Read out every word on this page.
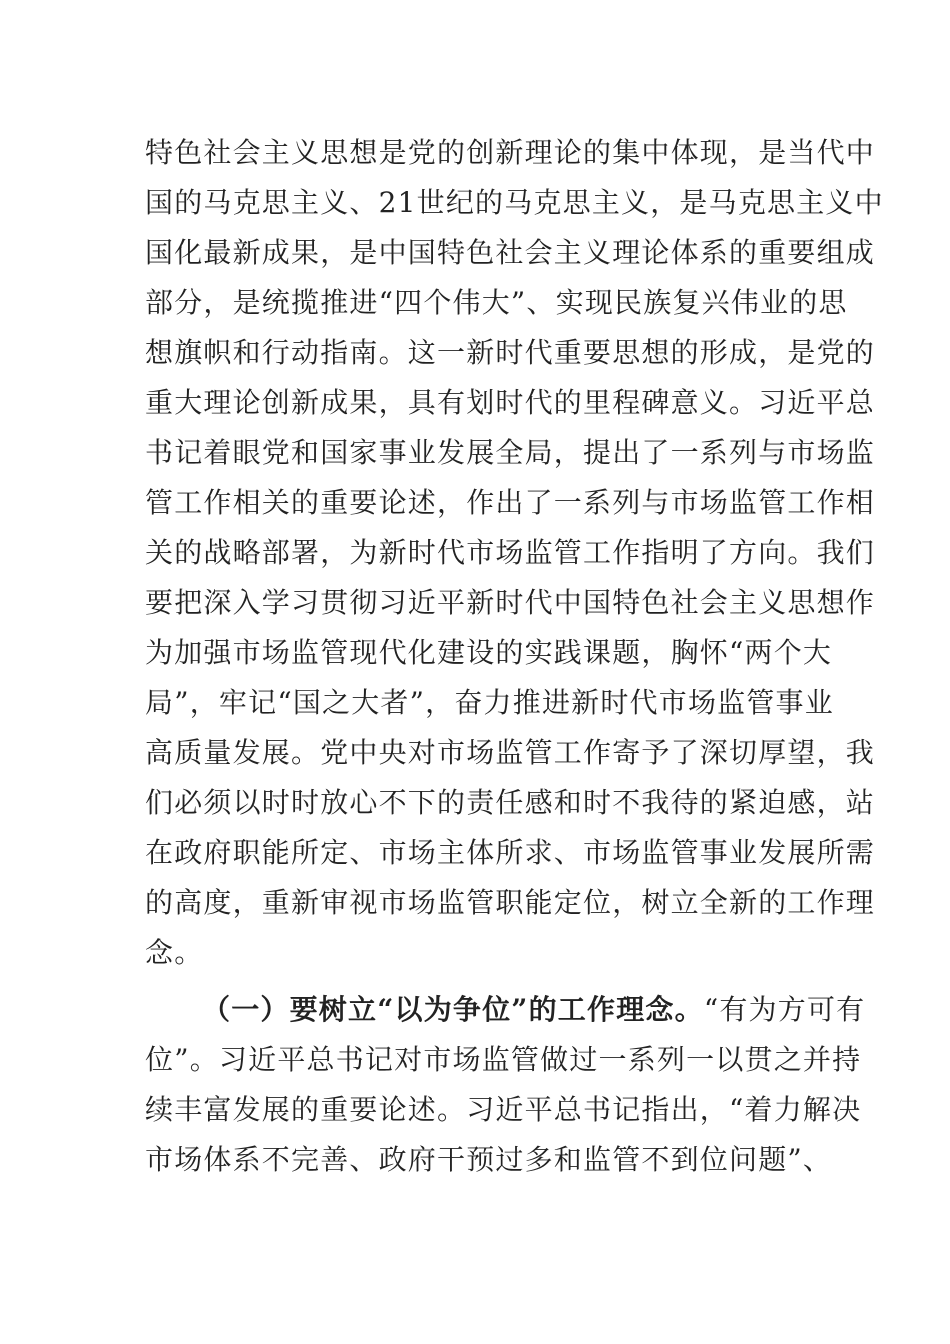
特色社会主义思想是党的创新理论的集中体现，是当代中
国的马克思主义、21世纪的马克思主义，是马克思主义中
国化最新成果，是中国特色社会主义理论体系的重要组成
部分，是统揽推进“四个伟大”、实现民族复兴伟业的思
想旗帜和行动指南。这一新时代重要思想的形成，是党的
重大理论创新成果，具有划时代的里程碑意义。习近平总
书记着眼党和国家事业发展全局，提出了一系列与市场监
管工作相关的重要论述，作出了一系列与市场监管工作相
关的战略部署，为新时代市场监管工作指明了方向。我们
要把深入学习贯彻习近平新时代中国特色社会主义思想作
为加强市场监管现代化建设的实践课题，胸怀“两个大
局”，牢记“国之大者”，奋力推进新时代市场监管事业
高质量发展。党中央对市场监管工作寄予了深切厚望，我
们必须以时时放心不下的责任感和时不我待的紧迫感，站
在政府职能所定、市场主体所求、市场监管事业发展所需
的高度，重新审视市场监管职能定位，树立全新的工作理
念。
（一）要树立“以为争位”的工作理念。“有为方可有
位”。习近平总书记对市场监管做过一系列一以贯之并持
续丰富发展的重要论述。习近平总书记指出，“着力解决
市场体系不完善、政府干预过多和监管不到位问题”、
